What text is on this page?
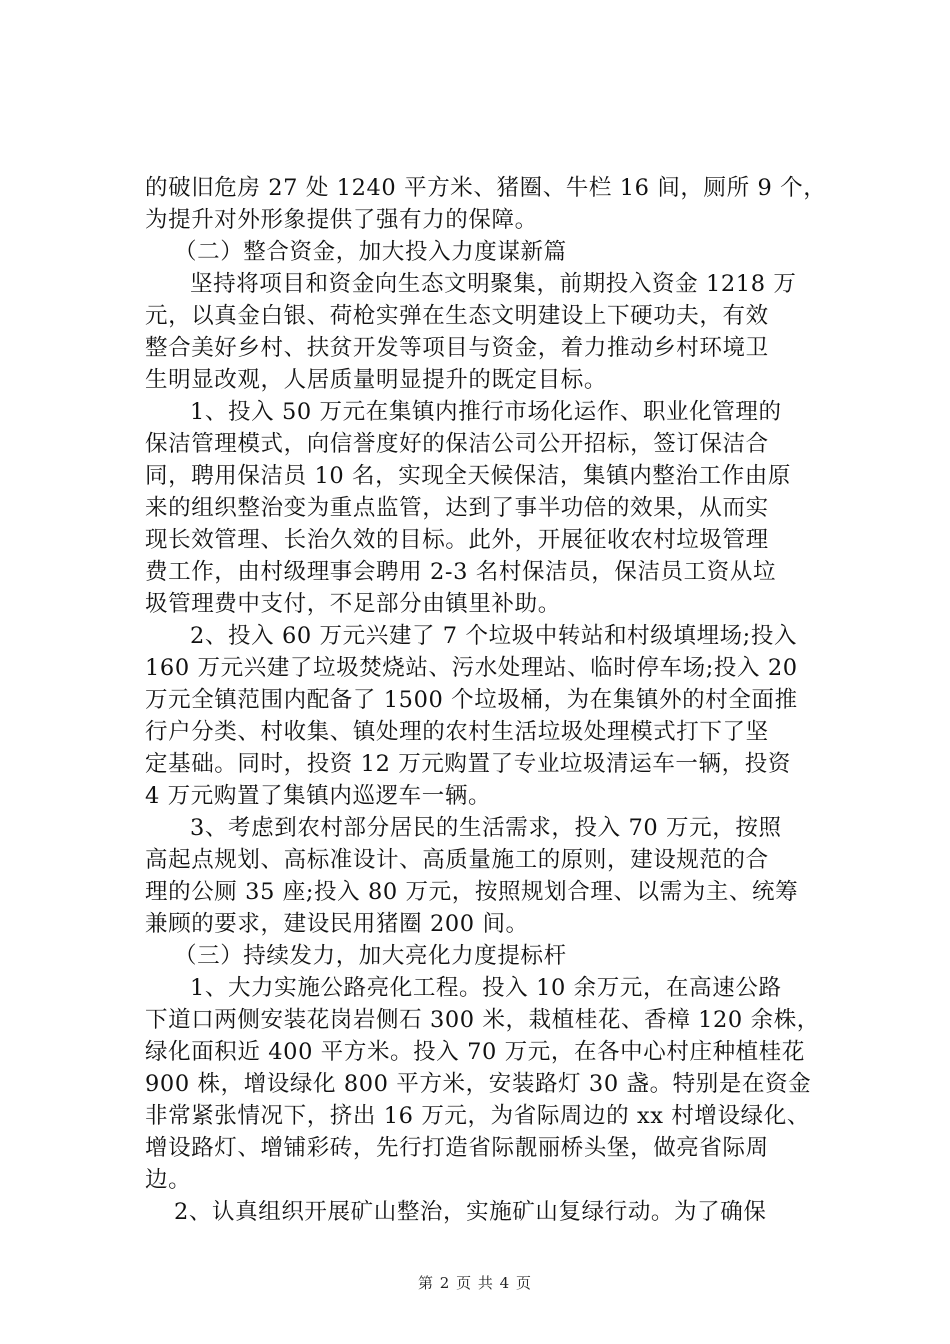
的破旧危房 27 处 1240 平方米、猪圈、牛栏 16 间，厕所 9 个，
为提升对外形象提供了强有力的保障。
（二）整合资金，加大投入力度谋新篇
坚持将项目和资金向生态文明聚集，前期投入资金 1218 万
元，以真金白银、荷枪实弹在生态文明建设上下硬功夫，有效
整合美好乡村、扶贫开发等项目与资金，着力推动乡村环境卫
生明显改观，人居质量明显提升的既定目标。
1、投入 50 万元在集镇内推行市场化运作、职业化管理的
保洁管理模式，向信誉度好的保洁公司公开招标，签订保洁合
同，聘用保洁员 10 名，实现全天候保洁，集镇内整治工作由原
来的组织整治变为重点监管，达到了事半功倍的效果，从而实
现长效管理、长治久效的目标。此外，开展征收农村垃圾管理
费工作，由村级理事会聘用 2-3 名村保洁员，保洁员工资从垃
圾管理费中支付，不足部分由镇里补助。
2、投入 60 万元兴建了 7 个垃圾中转站和村级填埋场;投入
160 万元兴建了垃圾焚烧站、污水处理站、临时停车场;投入 20
万元全镇范围内配备了 1500 个垃圾桶，为在集镇外的村全面推
行户分类、村收集、镇处理的农村生活垃圾处理模式打下了坚
定基础。同时，投资 12 万元购置了专业垃圾清运车一辆，投资
4 万元购置了集镇内巡逻车一辆。
3、考虑到农村部分居民的生活需求，投入 70 万元，按照
高起点规划、高标准设计、高质量施工的原则，建设规范的合
理的公厕 35 座;投入 80 万元，按照规划合理、以需为主、统筹
兼顾的要求，建设民用猪圈 200 间。
（三）持续发力，加大亮化力度提标杆
1、大力实施公路亮化工程。投入 10 余万元，在高速公路
下道口两侧安装花岗岩侧石 300 米，栽植桂花、香樟 120 余株，
绿化面积近 400 平方米。投入 70 万元，在各中心村庄种植桂花
900 株，增设绿化 800 平方米，安装路灯 30 盏。特别是在资金
非常紧张情况下，挤出 16 万元，为省际周边的 xx 村增设绿化、
增设路灯、增铺彩砖，先行打造省际靓丽桥头堡，做亮省际周
边。
2、认真组织开展矿山整治，实施矿山复绿行动。为了确保
第 2 页 共 4 页
